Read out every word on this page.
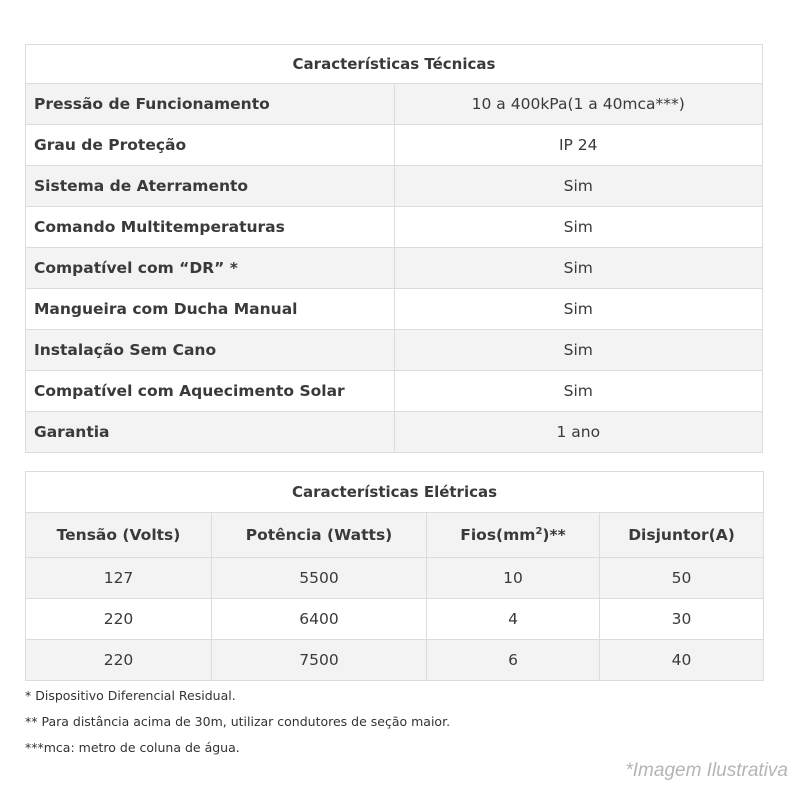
Características Técnicas	
Pressão de Funcionamento	10 a 400kPa(1 a 40mca***)
Grau de Proteção	IP 24
Sistema de Aterramento	Sim
Comando Multitemperaturas	Sim
Compatível com “DR” *	Sim
Mangueira com Ducha Manual	Sim
Instalação Sem Cano	Sim
Compatível com Aquecimento Solar	Sim
Garantia	1 ano
Características Elétricas			
Tensão (Volts)	Potência (Watts)	$Fios(mm^2)**$	Disjuntor(A)
127	5500	10	50
220	6400	4	30
220	7500	6	40
* Dispositivo Diferencial Residual.
** Para distância acima de 30m, utilizar condutores de seção maior.
***mca: metro de coluna de água.
*Imagem Ilustrativa
